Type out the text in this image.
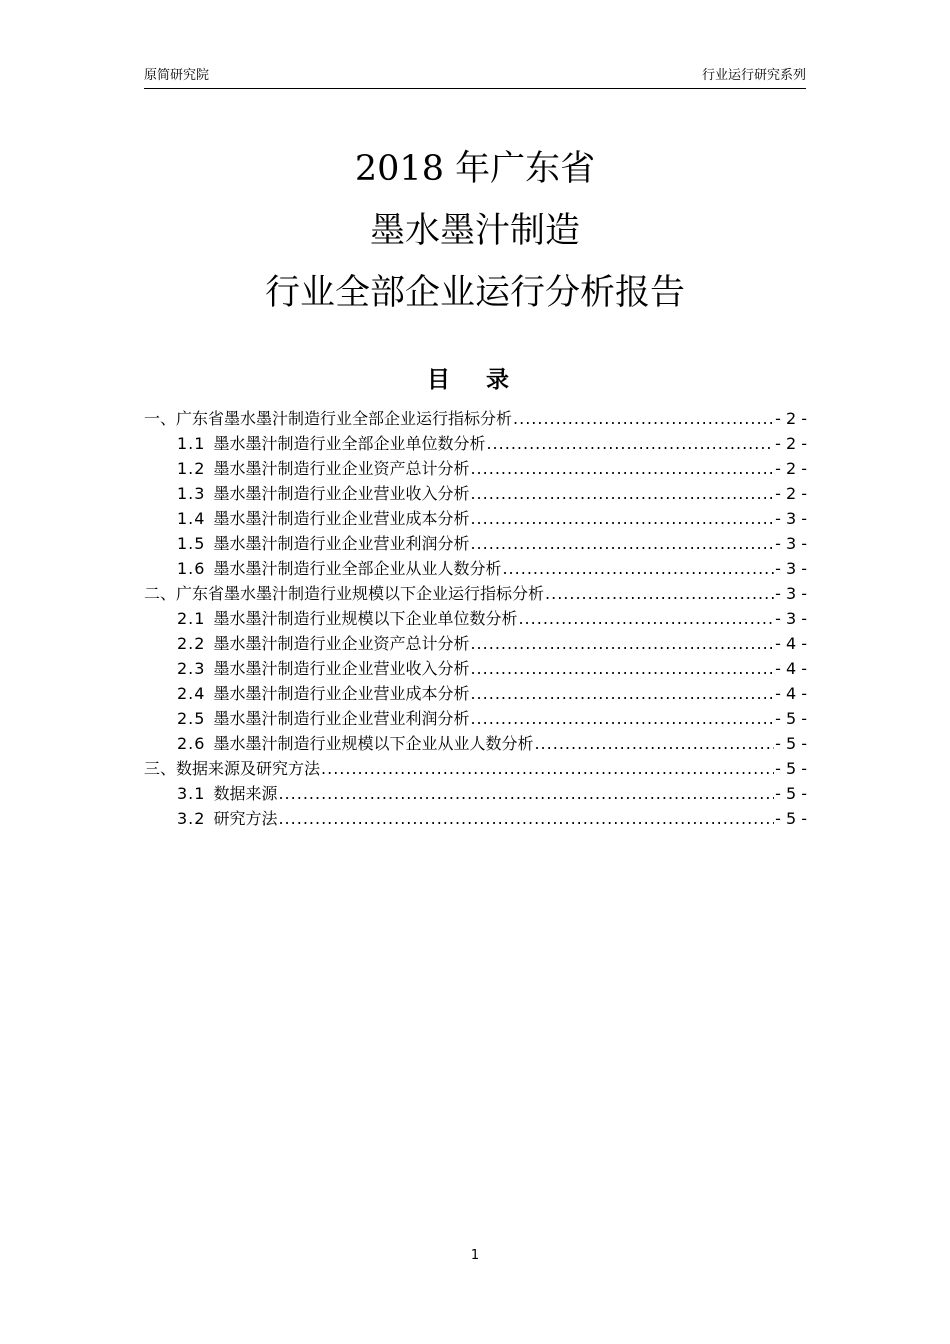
原简研究院	行业运行研究系列
2018 年广东省
墨水墨汁制造
行业全部企业运行分析报告
目 录
一、广东省墨水墨汁制造行业全部企业运行指标分析 .....	- 2 -
1.1 墨水墨汁制造行业全部企业单位数分析 .....	- 2 -
1.2 墨水墨汁制造行业企业资产总计分析 .....	- 2 -
1.3 墨水墨汁制造行业企业营业收入分析 .....	- 2 -
1.4 墨水墨汁制造行业企业营业成本分析 .....	- 3 -
1.5 墨水墨汁制造行业企业营业利润分析 .....	- 3 -
1.6 墨水墨汁制造行业全部企业从业人数分析 .....	- 3 -
二、广东省墨水墨汁制造行业规模以下企业运行指标分析 .....	- 3 -
2.1 墨水墨汁制造行业规模以下企业单位数分析 .....	- 3 -
2.2 墨水墨汁制造行业企业资产总计分析 .....	- 4 -
2.3 墨水墨汁制造行业企业营业收入分析 .....	- 4 -
2.4 墨水墨汁制造行业企业营业成本分析 .....	- 4 -
2.5 墨水墨汁制造行业企业营业利润分析 .....	- 5 -
2.6 墨水墨汁制造行业规模以下企业从业人数分析 .....	- 5 -
三、数据来源及研究方法 .....	- 5 -
3.1 数据来源 .....	- 5 -
3.2 研究方法 .....	- 5 -
1
